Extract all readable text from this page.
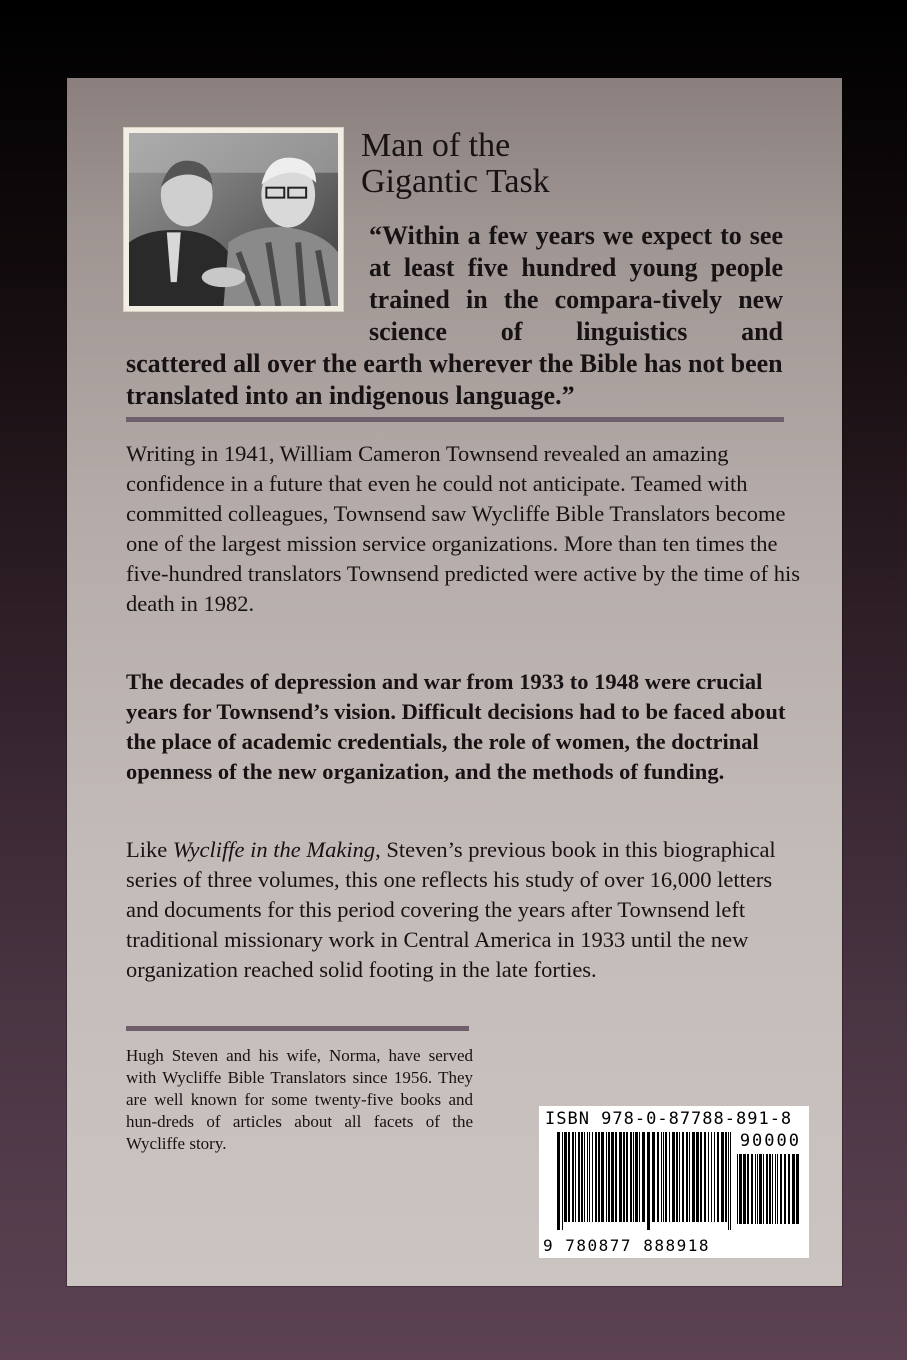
Man of the
Gigantic Task

“Within a few years we expect to see at least five hundred young people trained in the compara-tively new science of linguistics and

scattered all over the earth wherever the Bible has not been translated into an indigenous language.”

Writing in 1941, William Cameron Townsend revealed an amazing confidence in a future that even he could not anticipate. Teamed with committed colleagues, Townsend saw Wycliffe Bible Translators become one of the largest mission service organizations. More than ten times the five-hundred translators Townsend predicted were active by the time of his death in 1982.

The decades of depression and war from 1933 to 1948 were crucial years for Townsend’s vision. Difficult decisions had to be faced about the place of academic credentials, the role of women, the doctrinal openness of the new organization, and the methods of funding.

Like Wycliffe in the Making, Steven’s previous book in this biographical series of three volumes, this one reflects his study of over 16,000 letters and documents for this period covering the years after Townsend left traditional missionary work in Central America in 1933 until the new organization reached solid footing in the late forties.

Hugh Steven and his wife, Norma, have served with Wycliffe Bible Translators since 1956. They are well known for some twenty-five books and hun-dreds of articles about all facets of the Wycliffe story.

ISBN 978-0-87788-891-8

90000

9 780877 888918
